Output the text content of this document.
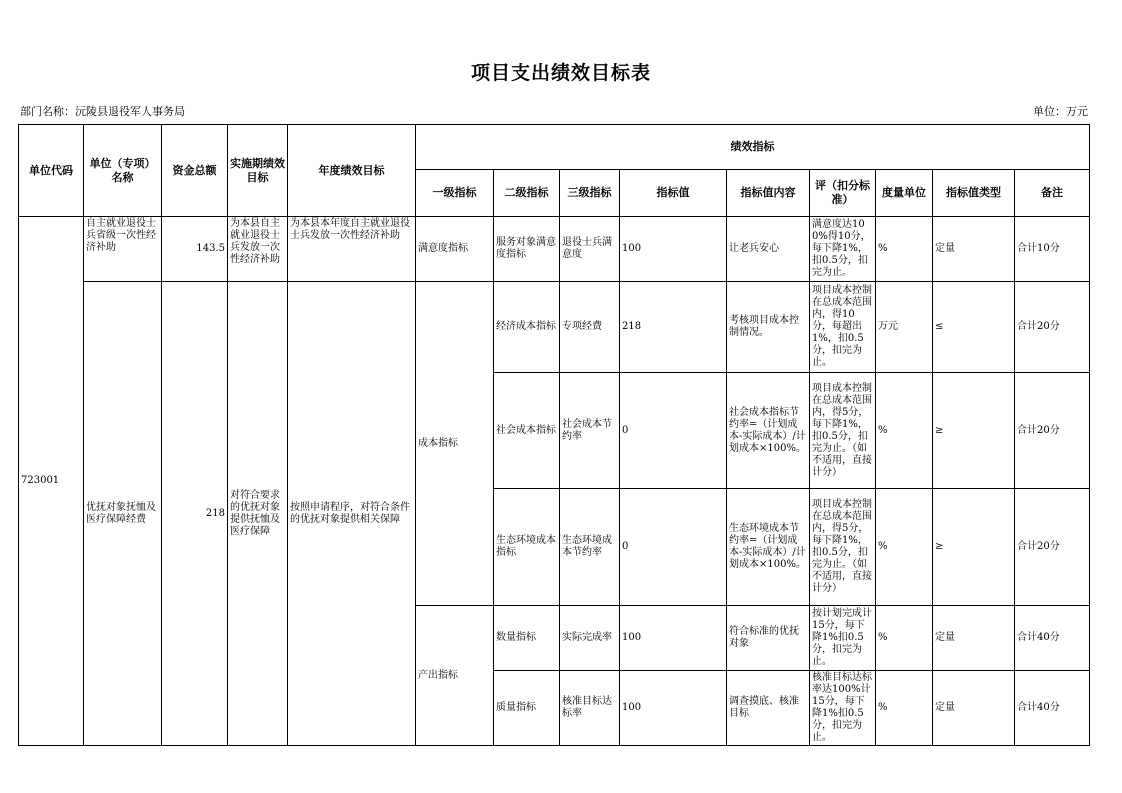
项目支出绩效目标表
部门名称：沅陵县退役军人事务局	单位：万元
单位代码	单位（专项）名称	资金总额	实施期绩效目标	年度绩效目标	绩效指标								
					一级指标	二级指标	三级指标	指标值	指标值内容	评（扣分标准）	度量单位	指标值类型	备注
723001	自主就业退役士兵省级一次性经济补助	143.5	为本县自主就业退役士兵发放一次性经济补助	为本县本年度自主就业退役士兵发放一次性经济补助	满意度指标	服务对象满意度指标	退役士兵满意度	100	让老兵安心	满意度达100%得10分，每下降1%，扣0.5分，扣完为止。	%	定量	合计10分
	优抚对象抚恤及医疗保障经费	218	对符合要求的优抚对象提供抚恤及医疗保障	按照申请程序，对符合条件的优抚对象提供相关保障	成本指标	经济成本指标	专项经费	218	考核项目成本控制情况。	项目成本控制在总成本范围内，得10分，每超出1%，扣0.5分，扣完为止。	万元	≤	合计20分
						社会成本指标	社会成本节约率	0	社会成本指标节约率=（计划成本-实际成本）/计划成本×100%。	项目成本控制在总成本范围内，得5分，每下降1%，扣0.5分，扣完为止。（如不适用，直接计分）	%	≥	合计20分
						生态环境成本指标	生态环境成本节约率	0	生态环境成本节约率=（计划成本-实际成本）/计划成本×100%。	项目成本控制在总成本范围内，得5分，每下降1%，扣0.5分，扣完为止。（如不适用，直接计分）	%	≥	合计20分
					产出指标	数量指标	实际完成率	100	符合标准的优抚对象	按计划完成计15分，每下降1%扣0.5分，扣完为止。	%	定量	合计40分
						质量指标	核准目标达标率	100	调查摸底、核准目标	核准目标达标率达100%计15分，每下降1%扣0.5分，扣完为止。	%	定量	合计40分
